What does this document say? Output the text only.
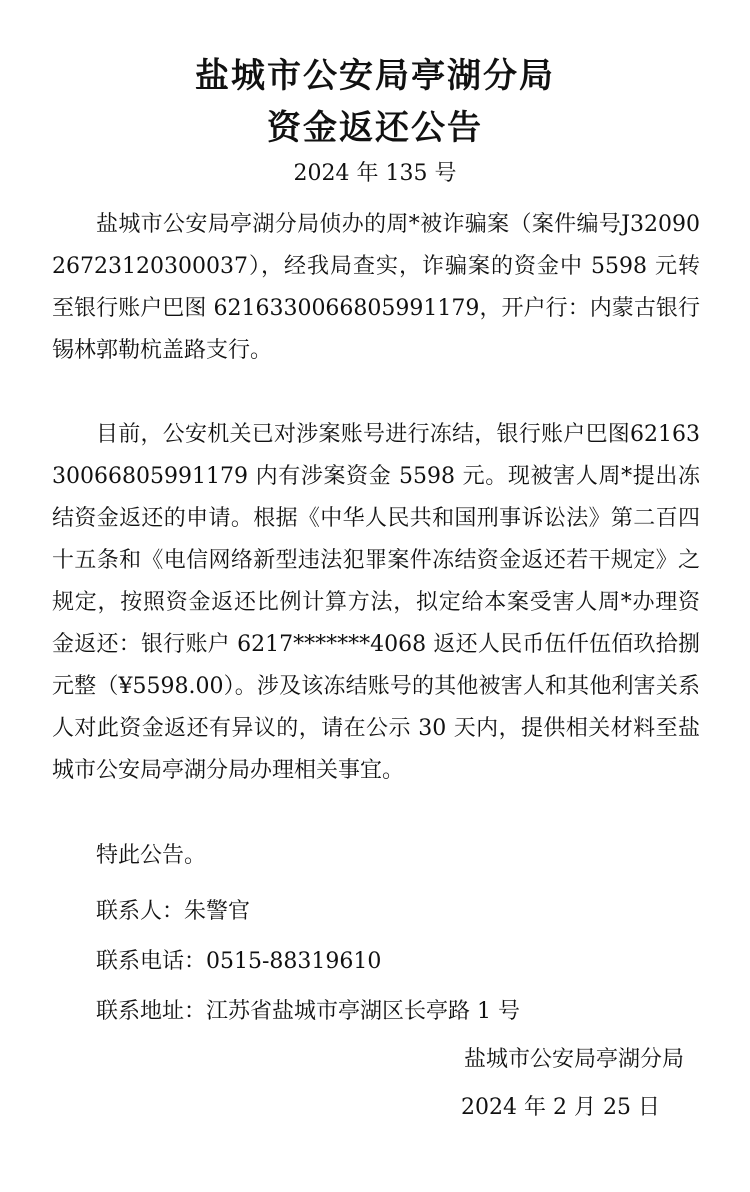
盐城市公安局亭湖分局
资金返还公告
2024 年 135 号

盐城市公安局亭湖分局侦办的周*被诈骗案（案件编号J3209026723120300037），经我局查实，诈骗案的资金中 5598 元转至银行账户巴图 6216330066805991179，开户行：内蒙古银行锡林郭勒杭盖路支行。

目前，公安机关已对涉案账号进行冻结，银行账户巴图6216330066805991179 内有涉案资金 5598 元。现被害人周*提出冻结资金返还的申请。根据《中华人民共和国刑事诉讼法》第二百四十五条和《电信网络新型违法犯罪案件冻结资金返还若干规定》之规定，按照资金返还比例计算方法，拟定给本案受害人周*办理资金返还：银行账户 6217*******4068 返还人民币伍仟伍佰玖拾捌元整（¥5598.00）。涉及该冻结账号的其他被害人和其他利害关系人对此资金返还有异议的，请在公示 30 天内，提供相关材料至盐城市公安局亭湖分局办理相关事宜。

特此公告。
联系人：朱警官
联系电话：0515-88319610
联系地址：江苏省盐城市亭湖区长亭路 1 号
盐城市公安局亭湖分局
2024 年 2 月 25 日
